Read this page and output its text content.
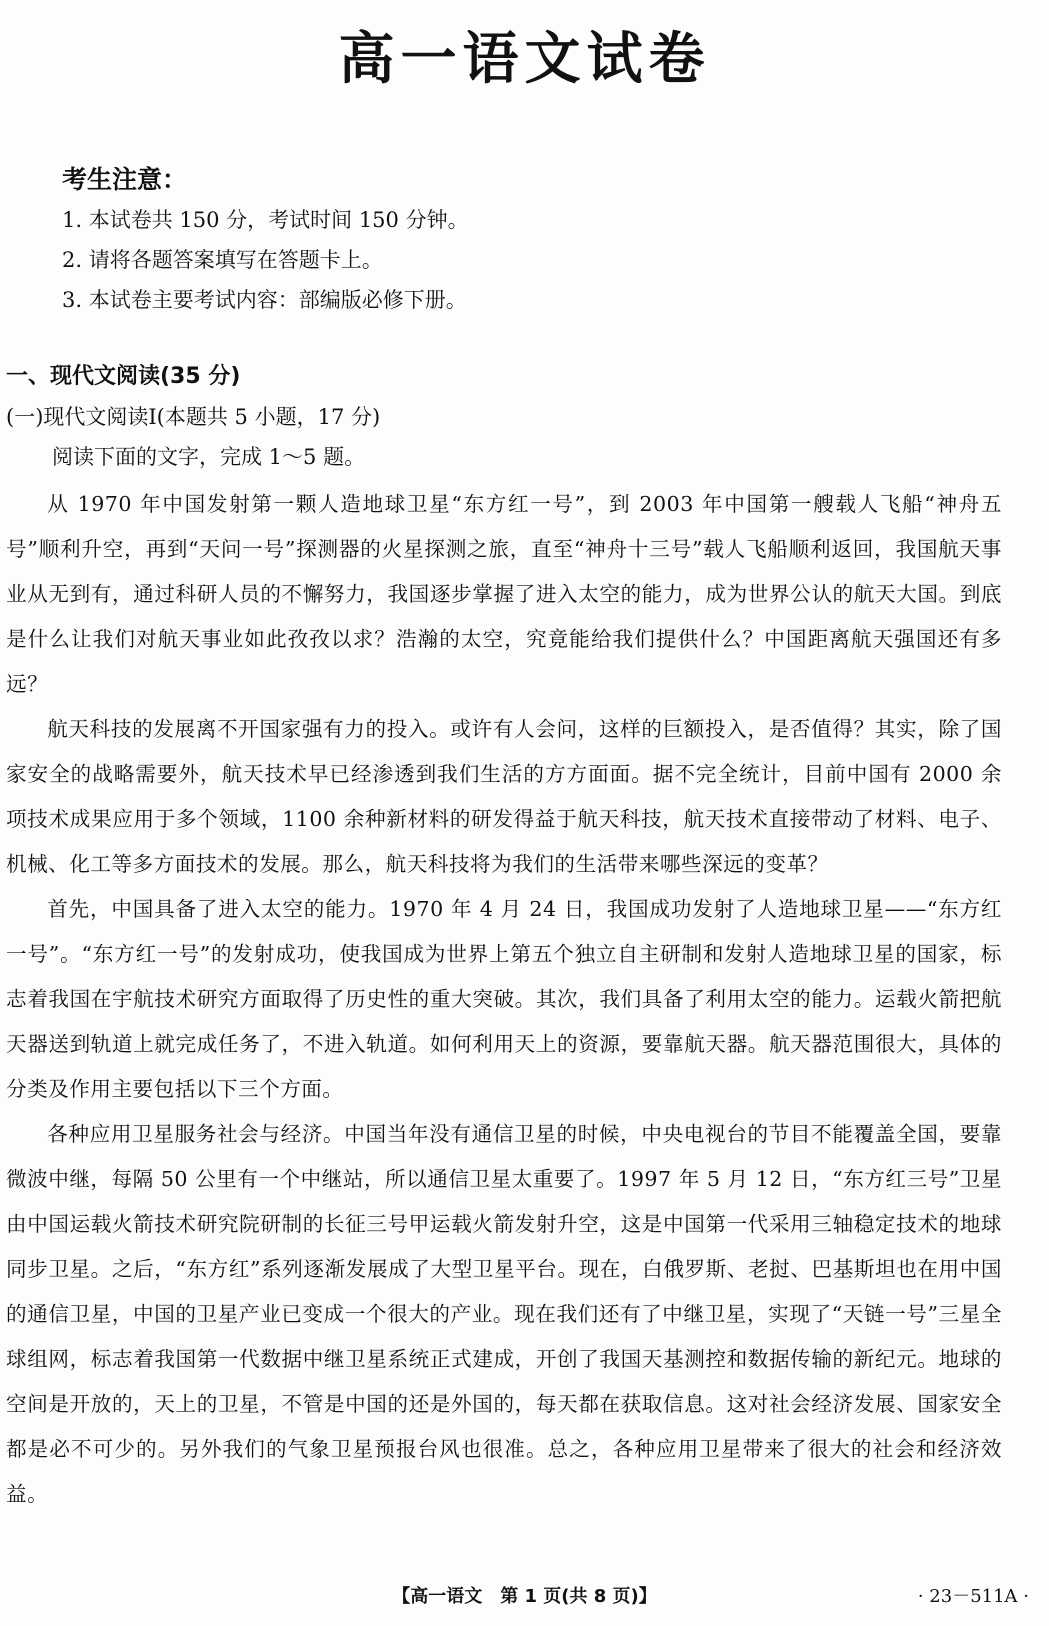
高一语文试卷
考生注意：
1. 本试卷共 150 分，考试时间 150 分钟。
2. 请将各题答案填写在答题卡上。
3. 本试卷主要考试内容：部编版必修下册。
一、现代文阅读(35 分)
(一)现代文阅读Ⅰ(本题共 5 小题，17 分)
阅读下面的文字，完成 1～5 题。

从 1970 年中国发射第一颗人造地球卫星“东方红一号”，到 2003 年中国第一艘载人飞船“神舟五号”顺利升空，再到“天问一号”探测器的火星探测之旅，直至“神舟十三号”载人飞船顺利返回，我国航天事业从无到有，通过科研人员的不懈努力，我国逐步掌握了进入太空的能力，成为世界公认的航天大国。到底是什么让我们对航天事业如此孜孜以求？浩瀚的太空，究竟能给我们提供什么？中国距离航天强国还有多远？

航天科技的发展离不开国家强有力的投入。或许有人会问，这样的巨额投入，是否值得？其实，除了国家安全的战略需要外，航天技术早已经渗透到我们生活的方方面面。据不完全统计，目前中国有 2000 余项技术成果应用于多个领域，1100 余种新材料的研发得益于航天科技，航天技术直接带动了材料、电子、机械、化工等多方面技术的发展。那么，航天科技将为我们的生活带来哪些深远的变革？

首先，中国具备了进入太空的能力。1970 年 4 月 24 日，我国成功发射了人造地球卫星——“东方红一号”。“东方红一号”的发射成功，使我国成为世界上第五个独立自主研制和发射人造地球卫星的国家，标志着我国在宇航技术研究方面取得了历史性的重大突破。其次，我们具备了利用太空的能力。运载火箭把航天器送到轨道上就完成任务了，不进入轨道。如何利用天上的资源，要靠航天器。航天器范围很大，具体的分类及作用主要包括以下三个方面。

各种应用卫星服务社会与经济。中国当年没有通信卫星的时候，中央电视台的节目不能覆盖全国，要靠微波中继，每隔 50 公里有一个中继站，所以通信卫星太重要了。1997 年 5 月 12 日，“东方红三号”卫星由中国运载火箭技术研究院研制的长征三号甲运载火箭发射升空，这是中国第一代采用三轴稳定技术的地球同步卫星。之后，“东方红”系列逐渐发展成了大型卫星平台。现在，白俄罗斯、老挝、巴基斯坦也在用中国的通信卫星，中国的卫星产业已变成一个很大的产业。现在我们还有了中继卫星，实现了“天链一号”三星全球组网，标志着我国第一代数据中继卫星系统正式建成，开创了我国天基测控和数据传输的新纪元。地球的空间是开放的，天上的卫星，不管是中国的还是外国的，每天都在获取信息。这对社会经济发展、国家安全都是必不可少的。另外我们的气象卫星预报台风也很准。总之，各种应用卫星带来了很大的社会和经济效益。

【高一语文　第 1 页(共 8 页)】	· 23－511A ·
